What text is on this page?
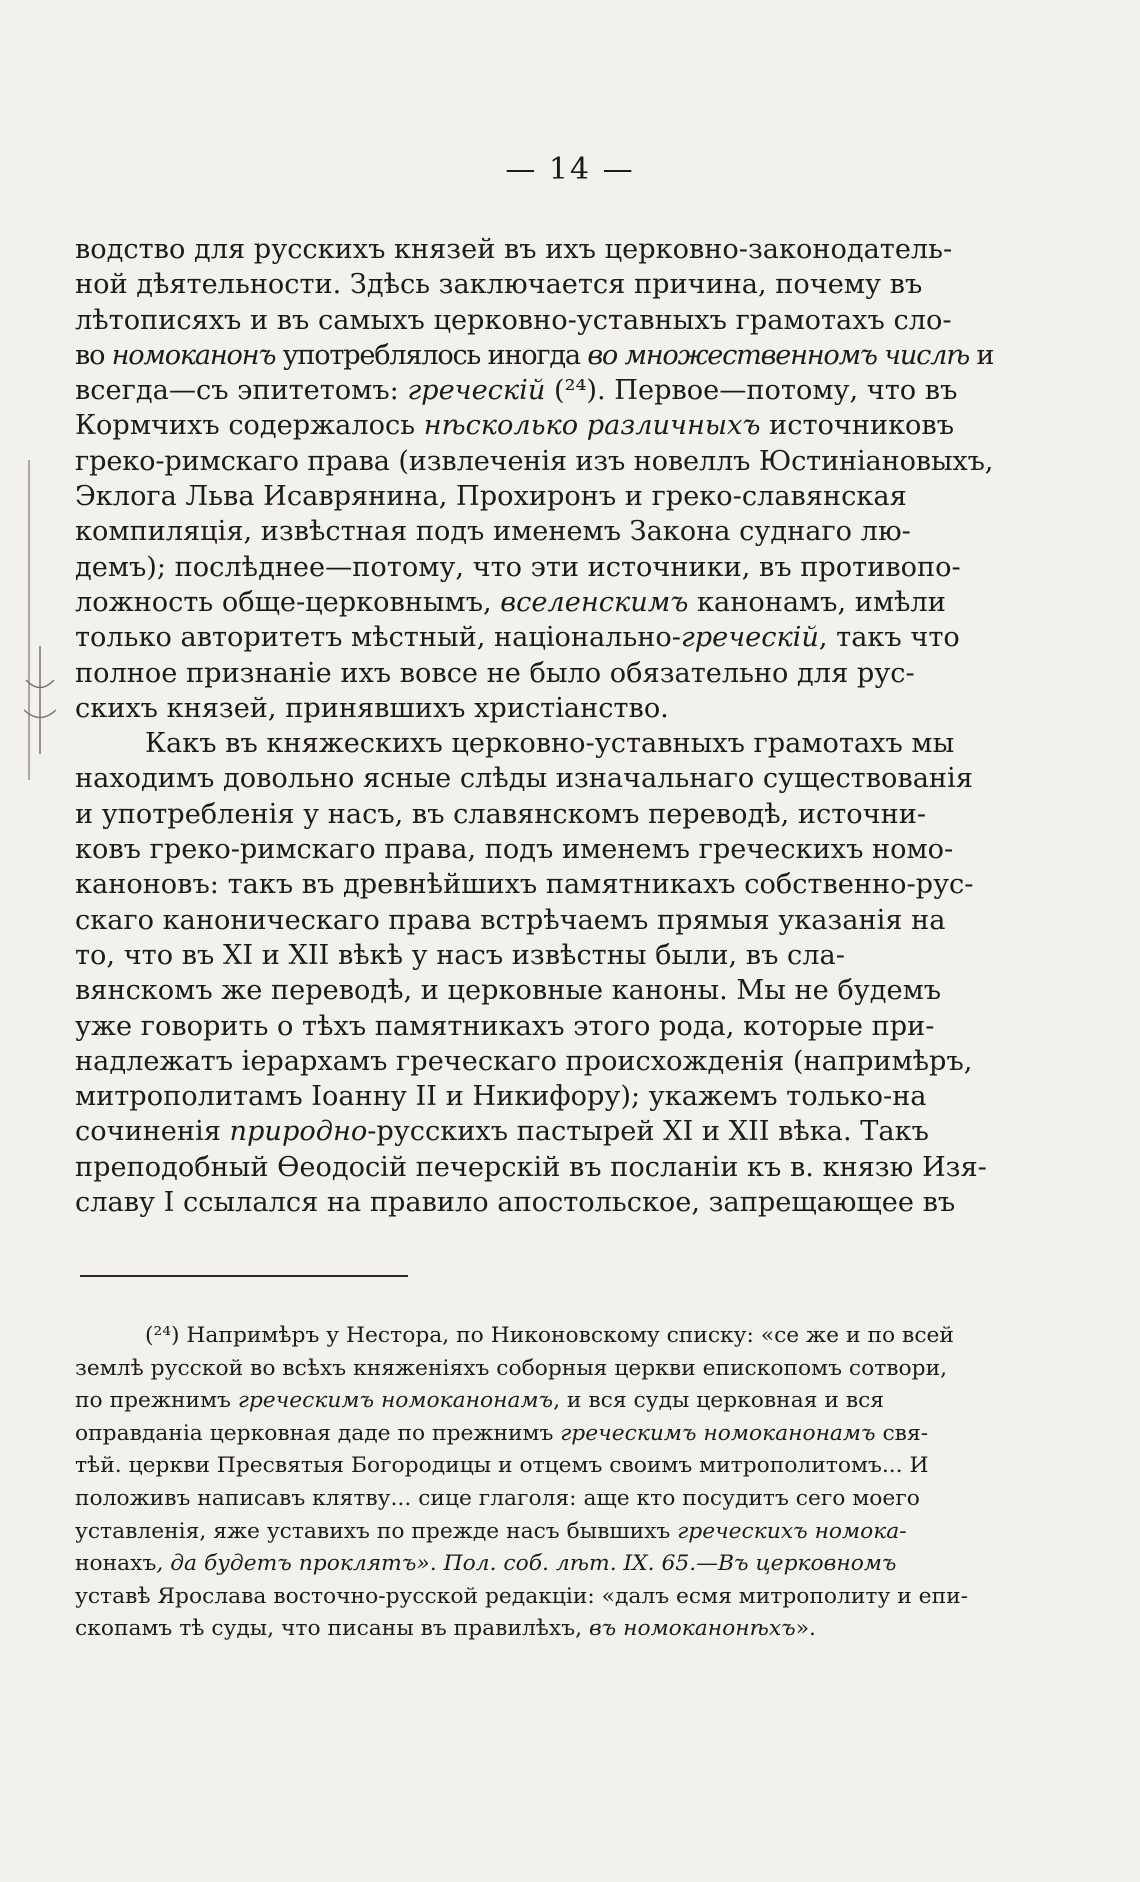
— 14 —
водство для русскихъ князей въ ихъ церковно-законодатель-
ной дѣятельности. Здѣсь заключается причина, почему въ
лѣтописяхъ и въ самыхъ церковно-уставныхъ грамотахъ сло-
во номоканонъ употреблялось иногда во множественномъ числѣ и
всегда—съ эпитетомъ: греческій (²⁴). Первое—потому, что въ
Кормчихъ содержалось нѣсколько различныхъ источниковъ
греко-римскаго права (извлеченія изъ новеллъ Юстиніановыхъ,
Эклога Льва Исаврянина, Прохиронъ и греко-славянская
компиляція, извѣстная подъ именемъ Закона суднаго лю-
демъ); послѣднее—потому, что эти источники, въ противопо-
ложность обще-церковнымъ, вселенскимъ канонамъ, имѣли
только авторитетъ мѣстный, національно-греческій, такъ что
полное признаніе ихъ вовсе не было обязательно для рус-
скихъ князей, принявшихъ христіанство.
Какъ въ княжескихъ церковно-уставныхъ грамотахъ мы
находимъ довольно ясные слѣды изначальнаго существованія
и употребленія у насъ, въ славянскомъ переводѣ, источни-
ковъ греко-римскаго права, подъ именемъ греческихъ номо-
каноновъ: такъ въ древнѣйшихъ памятникахъ собственно-рус-
скаго каноническаго права встрѣчаемъ прямыя указанія на
то, что въ XI и XII вѣкѣ у насъ извѣстны были, въ сла-
вянскомъ же переводѣ, и церковные каноны. Мы не будемъ
уже говорить о тѣхъ памятникахъ этого рода, которые при-
надлежатъ іерархамъ греческаго происхожденія (напримѣръ,
митрополитамъ Іоанну II и Никифору); укажемъ только-на
сочиненія природно-русскихъ пастырей XI и XII вѣка. Такъ
преподобный Ѳеодосій печерскій въ посланіи къ в. князю Изя-
славу I ссылался на правило апостольское, запрещающее въ
(²⁴) Напримѣръ у Нестора, по Никоновскому списку: «се же и по всей
землѣ русской во всѣхъ княженіяхъ соборныя церкви епископомъ сотвори,
по прежнимъ греческимъ номоканонамъ, и вся суды церковная и вся
оправданіа церковная даде по прежнимъ греческимъ номоканонамъ свя-
тѣй. церкви Пресвятыя Богородицы и отцемъ своимъ митрополитомъ... И
положивъ написавъ клятву... сице глаголя: аще кто посудитъ сего моего
уставленія, яже уставихъ по прежде насъ бывшихъ греческихъ номока-
нонахъ, да будетъ проклятъ». Пол. соб. лѣт. IX. 65.—Въ церковномъ
уставѣ Ярослава восточно-русской редакціи: «далъ есмя митрополиту и епи-
скопамъ тѣ суды, что писаны въ правилѣхъ, въ номоканонѣхъ».
